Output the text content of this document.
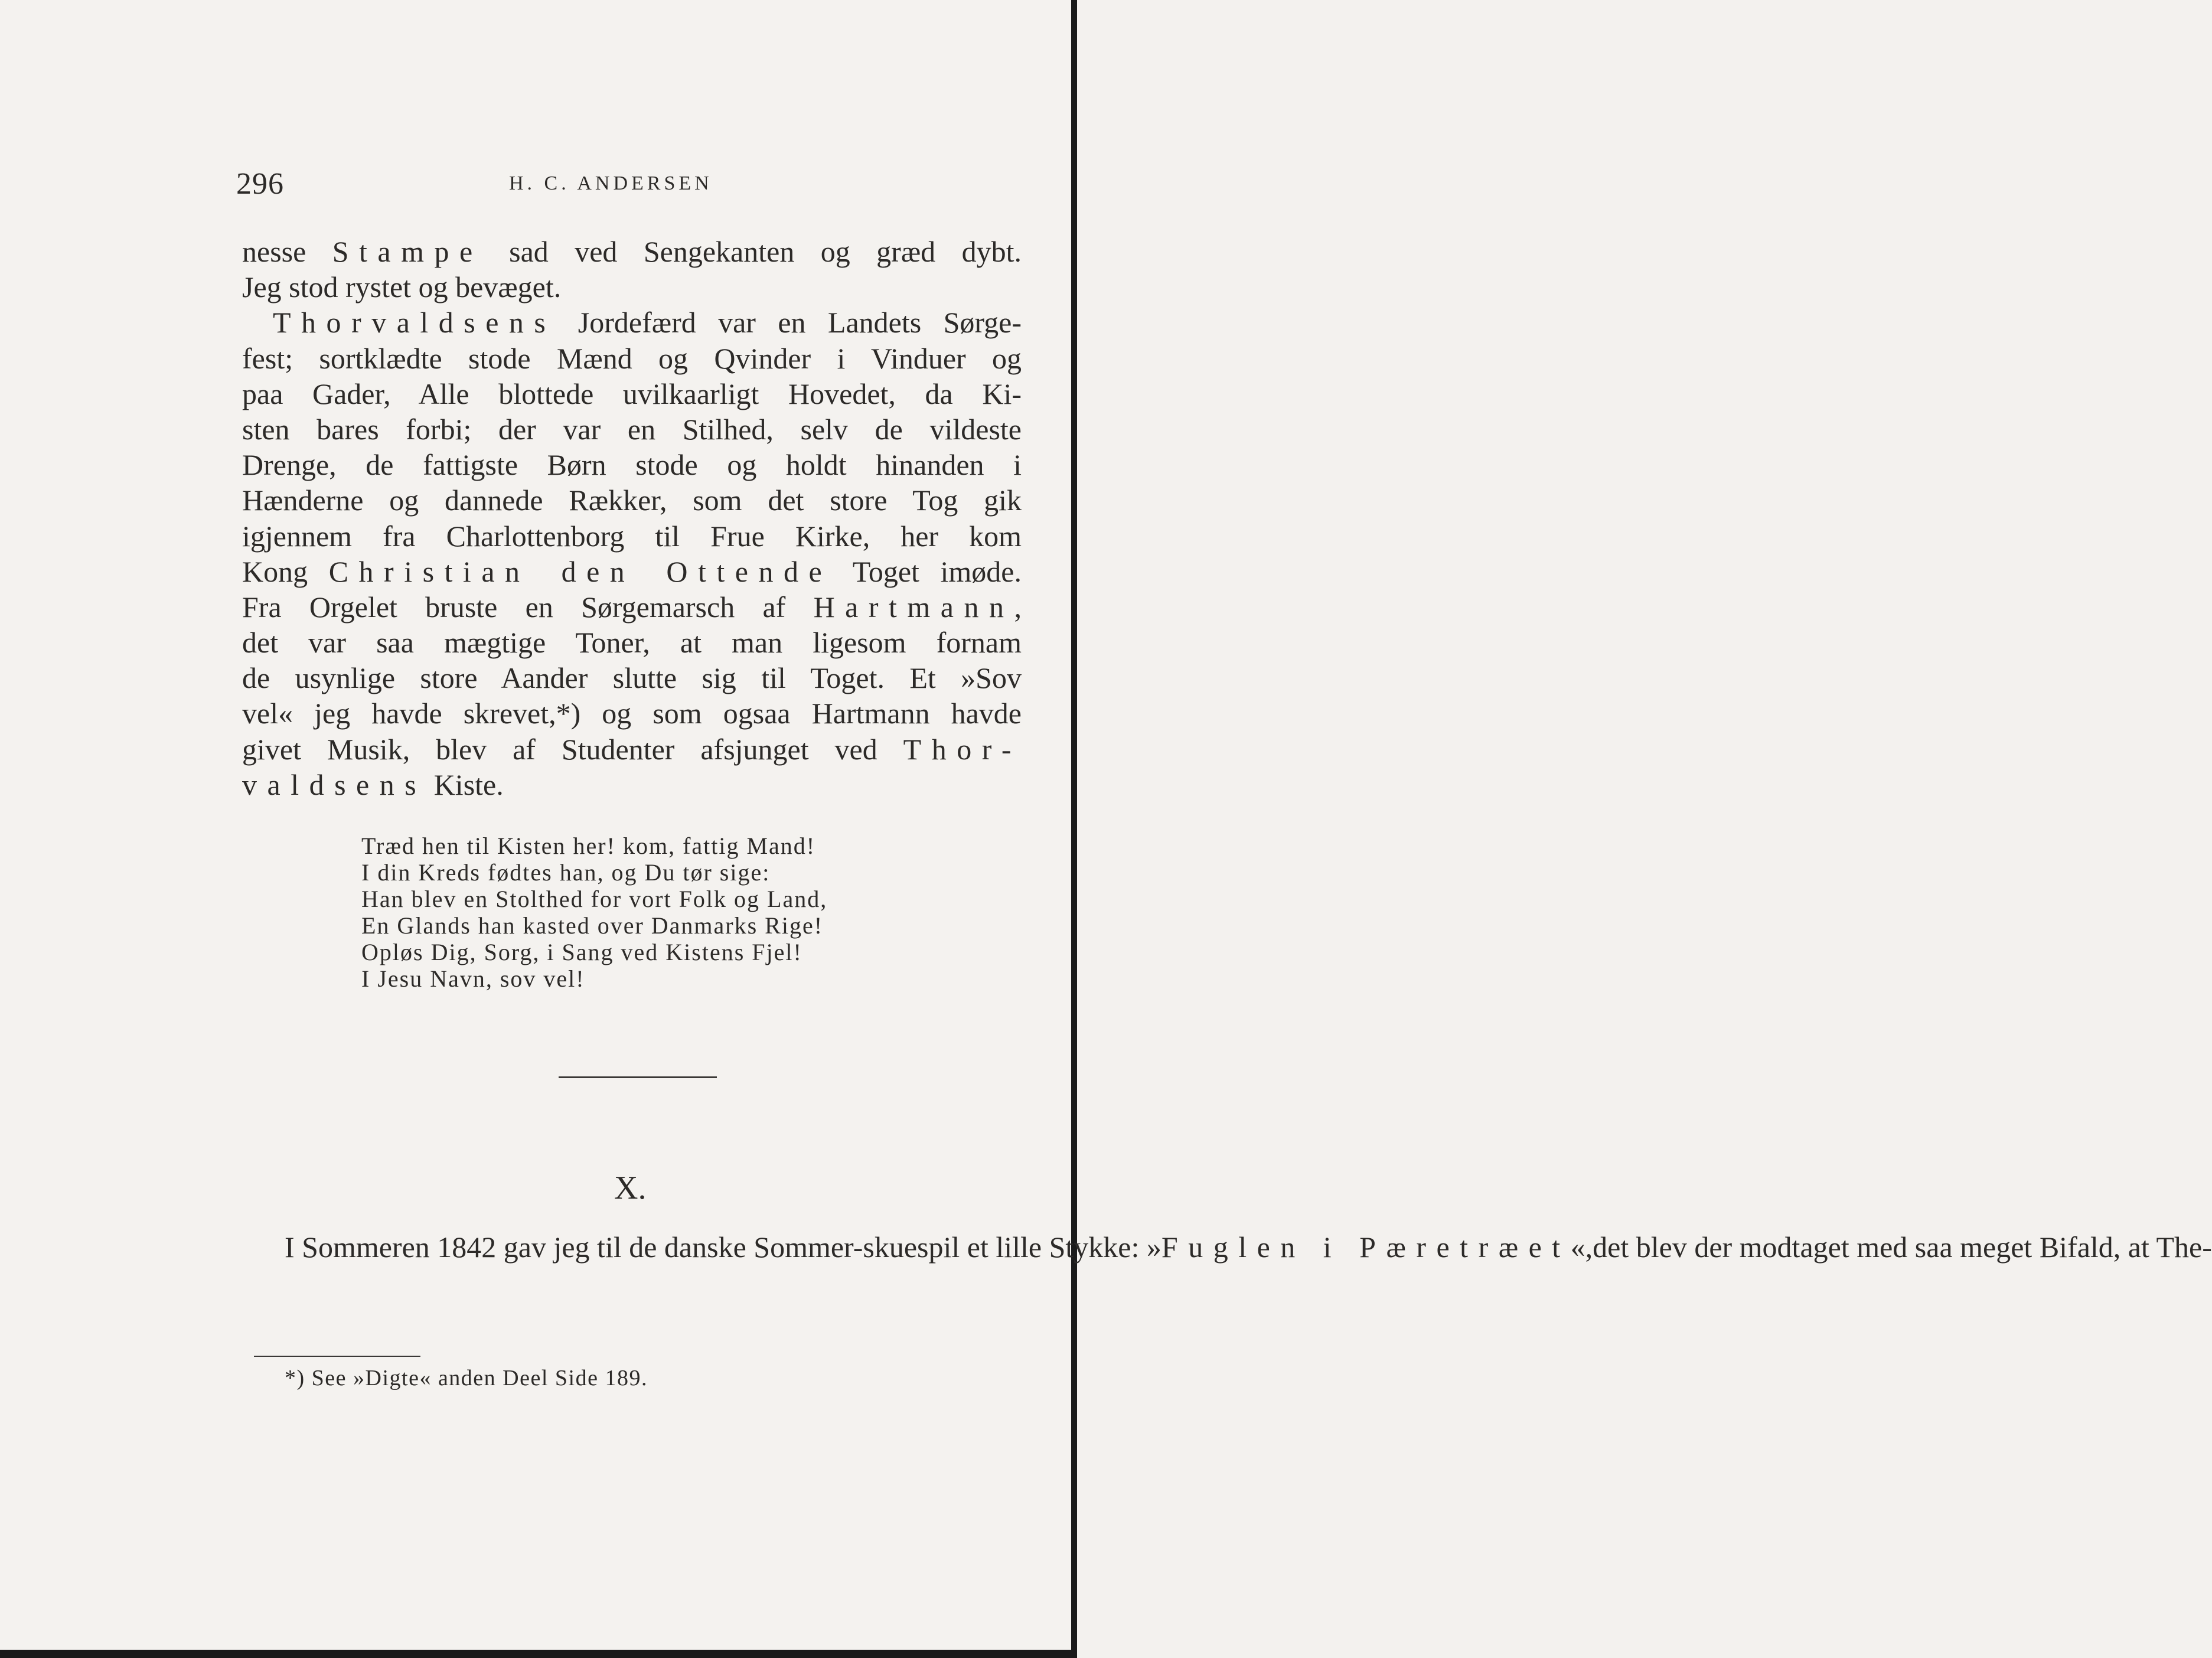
296	H. C. ANDERSEN
nesse Stampe sad ved Sengekanten og græd dybt.
Jeg stod rystet og bevæget.
Thorvaldsens Jordefærd var en Landets Sørge-
fest; sortklædte stode Mænd og Qvinder i Vinduer og
paa Gader, Alle blottede uvilkaarligt Hovedet, da Ki-
sten bares forbi; der var en Stilhed, selv de vildeste
Drenge, de fattigste Børn stode og holdt hinanden i
Hænderne og dannede Rækker, som det store Tog gik
igjennem fra Charlottenborg til Frue Kirke, her kom
Kong Christian den Ottende Toget imøde.
Fra Orgelet bruste en Sørgemarsch af Hartmann,
det var saa mægtige Toner, at man ligesom fornam
de usynlige store Aander slutte sig til Toget. Et »Sov
vel« jeg havde skrevet,*) og som ogsaa Hartmann havde
givet Musik, blev af Studenter afsjunget ved Thor-
valdsens Kiste.
Træd hen til Kisten her! kom, fattig Mand!
I din Kreds fødtes han, og Du tør sige:
Han blev en Stolthed for vort Folk og Land,
En Glands han kasted over Danmarks Rige!
Opløs Dig, Sorg, i Sang ved Kistens Fjel!
I Jesu Navn, sov vel!
X.
I Sommeren 1842 gav jeg til de danske Sommer-skuespil et lille Stykke: »Fuglen i Pæretræet«,det blev der modtaget med saa meget Bifald, at The-
*) See »Digte« anden Deel Side 189.
